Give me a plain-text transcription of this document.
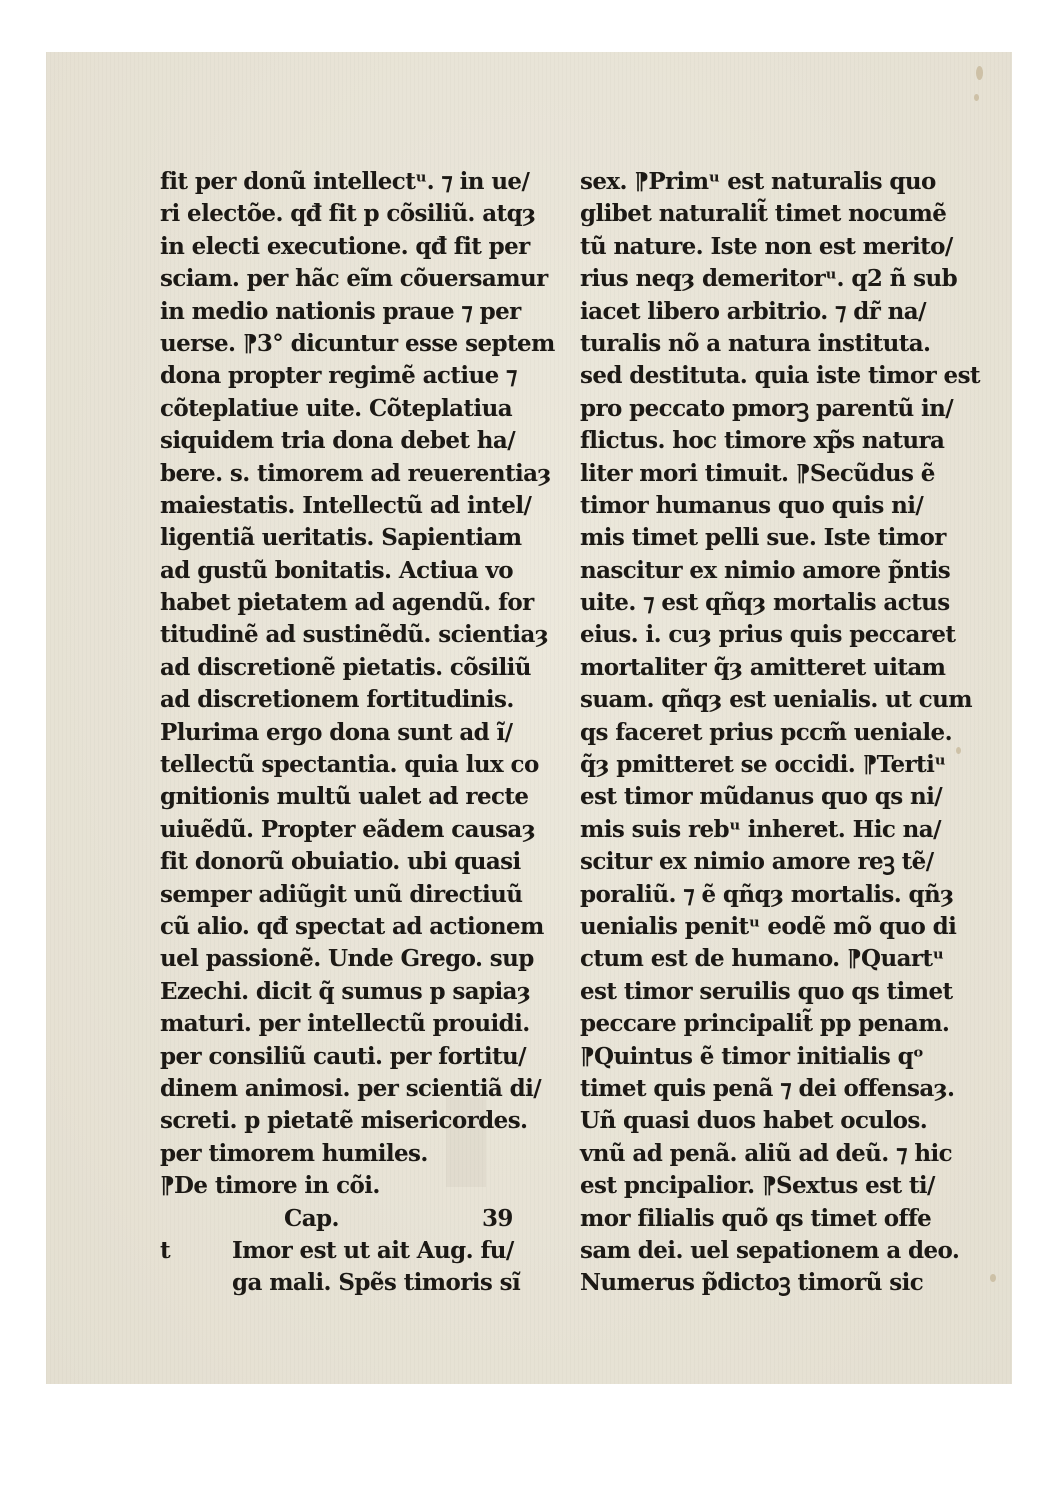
fit per donũ intellectᵘ. ⁊ in ue/
ri electõe. qđ fit p cõsiliũ. atqȝ
in electi executione. qđ fit per
sciam. per hãc eĩm cõuersamur
in medio nationis praue ⁊ per
uerse. ⁋3° dicuntur esse septem
dona propter regimẽ actiue ⁊
cõteplatiue uite. Cõteplatiua
siquidem tria dona debet ha/
bere. s. timorem ad reuerentiaȝ
maiestatis. Intellectũ ad intel/
ligentiã ueritatis. Sapientiam
ad gustũ bonitatis. Actiua vo
habet pietatem ad agendũ. for
titudinẽ ad sustinẽdũ. scientiaȝ
ad discretionẽ pietatis. cõsiliũ
ad discretionem fortitudinis.
Plurima ergo dona sunt ad ĩ/
tellectũ spectantia. quia lux co
gnitionis multũ ualet ad recte
uiuẽdũ. Propter eãdem causaȝ
fit donorũ obuiatio. ubi quasi
semper adiũgit unũ directiuũ
cũ alio. qđ spectat ad actionem
uel passionẽ. Unde Grego. sup
Ezechi. dicit q̃ sumus p sapiaȝ
maturi. per intellectũ prouidi.
per consiliũ cauti. per fortitu/
dinem animosi. per scientiã di/
screti. p pietatẽ misericordes.
per timorem humiles.
⁋De timore in cõi.
Cap.	39
t	Imor est ut ait Aug. fu/
ga mali. Spẽs timoris sĩ
sex. ⁋Primᵘ est naturalis quo
glibet naturalit̃ timet nocumẽ
tũ nature. Iste non est merito/
rius neqȝ demeritorᵘ. q2 ñ sub
iacet libero arbitrio. ⁊ dr̃ na/
turalis nõ a natura instituta.
sed destituta. quia iste timor est
pro peccato pmorꝫ parentũ in/
flictus. hoc timore xp̃s natura
liter mori timuit. ⁋Secũdus ẽ
timor humanus quo quis ni/
mis timet pelli sue. Iste timor
nascitur ex nimio amore p̃ntis
uite. ⁊ est qñqȝ mortalis actus
eius. i. cuȝ prius quis peccaret
mortaliter q̃ȝ amitteret uitam
suam. qñqȝ est uenialis. ut cum
qs faceret prius pccm̃ ueniale.
q̃ȝ pmitteret se occidi. ⁋Tertiᵘ
est timor mũdanus quo qs ni/
mis suis rebᵘ inheret. Hic na/
scitur ex nimio amore reꝫ tẽ/
poraliũ. ⁊ ẽ qñqȝ mortalis. qñȝ
uenialis penitᵘ eodẽ mõ quo di
ctum est de humano. ⁋Quartᵘ
est timor seruilis quo qs timet
peccare principalit̃ pp penam.
⁋Quintus ẽ timor initialis qᵒ
timet quis penã ⁊ dei offensaȝ.
Uñ quasi duos habet oculos.
vnũ ad penã. aliũ ad deũ. ⁊ hic
est pncipalior. ⁋Sextus est ti/
mor filialis quõ qs timet offe
sam dei. uel sepationem a deo.
Numerus p̃dictoꝫ timorũ sic
